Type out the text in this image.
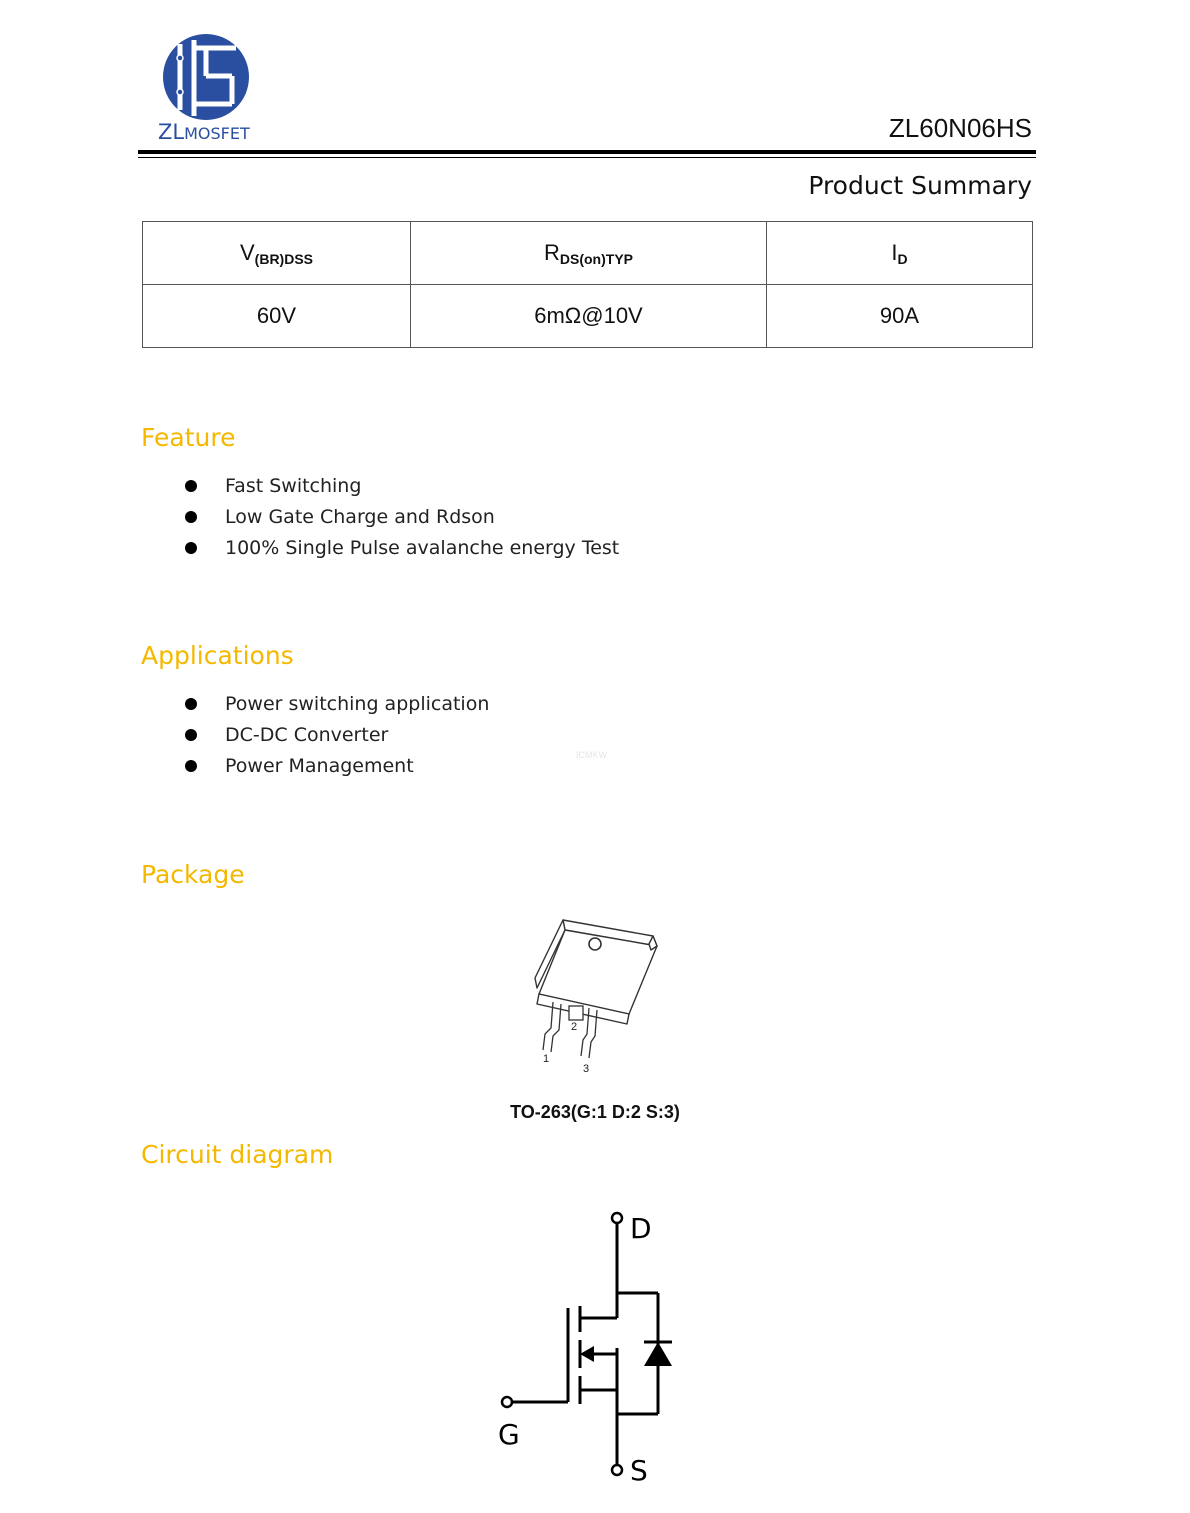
ZLMOSFET	ZL60N06HS
Product Summary
$V_{(BR)DSS}$	$R_{DS(on)TYP}$	$I_D$
60V	6mΩ@10V	90A
Feature
Fast Switching
Low Gate Charge and Rdson
100% Single Pulse avalanche energy Test
Applications
Power switching application
DC-DC Converter
Power Management	ICMKW
Package
2
1
3
TO-263(G:1 D:2 S:3)
Circuit diagram
D
G
S
